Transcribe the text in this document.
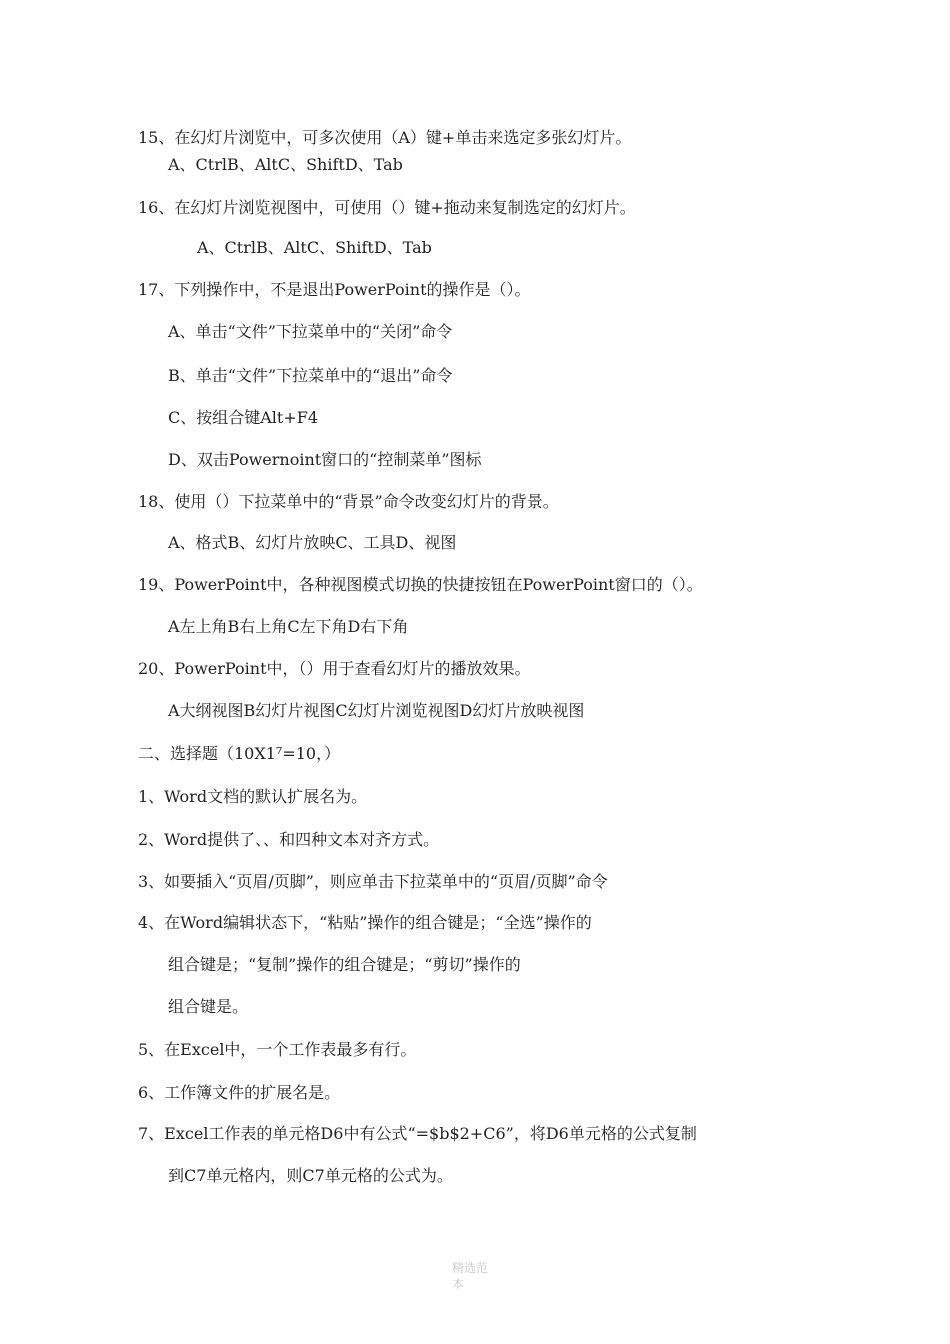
15、在幻灯片浏览中，可多次使用（A）键+单击来选定多张幻灯片。
A、CtrlB、AltC、ShiftD、Tab
16、在幻灯片浏览视图中，可使用（）键+拖动来复制选定的幻灯片。
A、CtrlB、AltC、ShiftD、Tab
17、下列操作中，不是退出PowerPoint的操作是（）。
A、单击“文件”下拉菜单中的“关闭”命令
B、单击“文件”下拉菜单中的“退出”命令
C、按组合键Alt+F4
D、双击Powernoint窗口的“控制菜单”图标
18、使用（）下拉菜单中的“背景”命令改变幻灯片的背景。
A、格式B、幻灯片放映C、工具D、视图
19、PowerPoint中，各种视图模式切换的快捷按钮在PowerPoint窗口的（）。
A左上角B右上角C左下角D右下角
20、PowerPoint中，（）用于查看幻灯片的播放效果。
A大纲视图B幻灯片视图C幻灯片浏览视图D幻灯片放映视图
二、选择题（10X1⁷=10，）
1、Word文档的默认扩展名为。
2、Word提供了、、和四种文本对齐方式。
3、如要插入“页眉/页脚”，则应单击下拉菜单中的“页眉/页脚”命令
4、在Word编辑状态下，“粘贴”操作的组合键是；“全选”操作的
组合键是；“复制”操作的组合键是；“剪切”操作的
组合键是。
5、在Excel中，一个工作表最多有行。
6、工作簿文件的扩展名是。
7、Excel工作表的单元格D6中有公式“=$b$2+C6”，将D6单元格的公式复制
到C7单元格内，则C7单元格的公式为。
精选范本
